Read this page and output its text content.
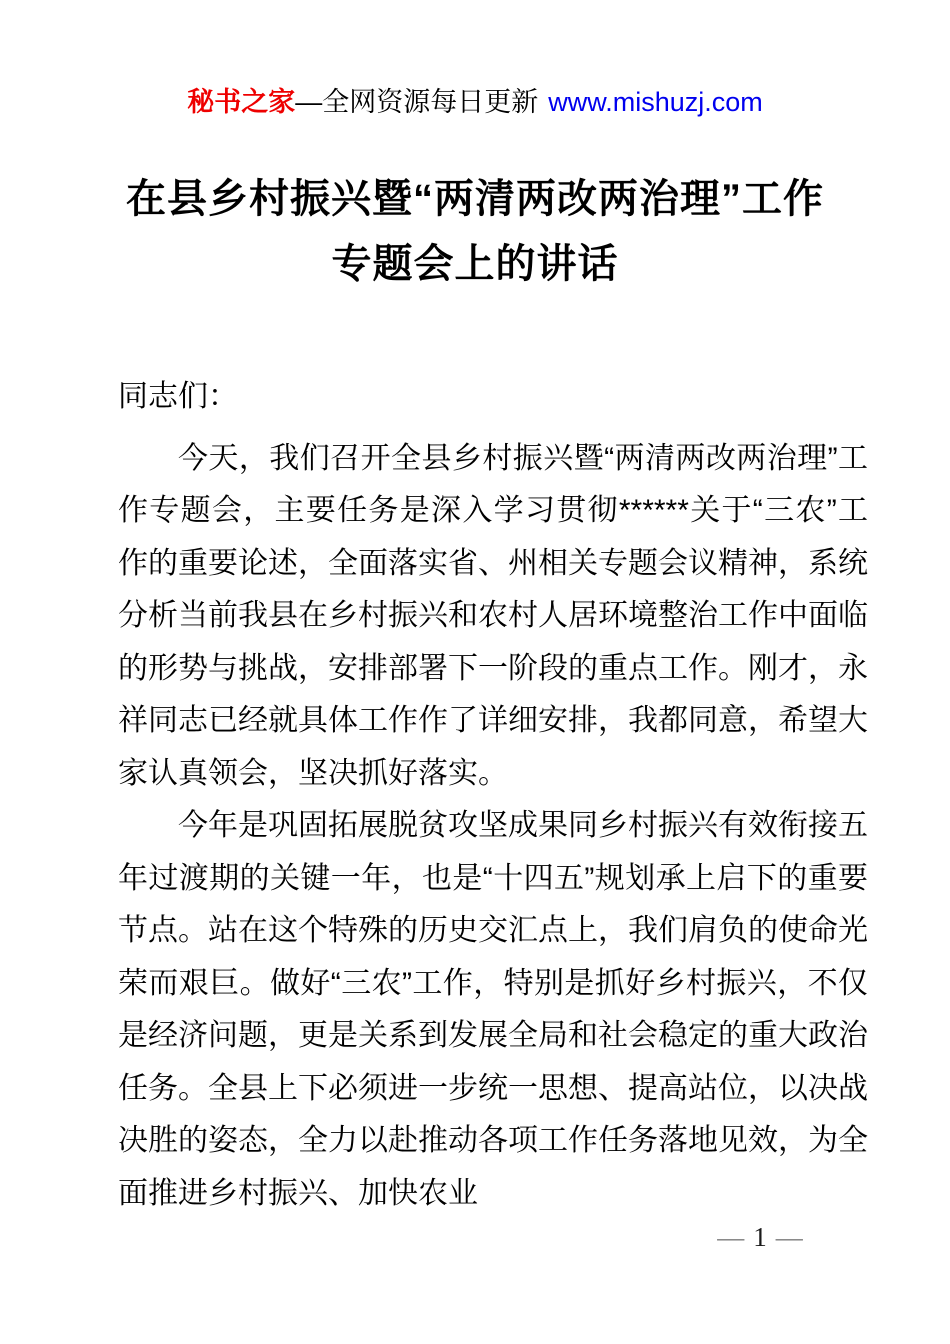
秘书之家—全网资源每日更新 www.mishuzj.com
在县乡村振兴暨“两清两改两治理”工作
专题会上的讲话

同志们：

今天，我们召开全县乡村振兴暨“两清两改两治理”工作专题会，主要任务是深入学习贯彻******关于“三农”工作的重要论述，全面落实省、州相关专题会议精神，系统分析当前我县在乡村振兴和农村人居环境整治工作中面临的形势与挑战，安排部署下一阶段的重点工作。刚才，永祥同志已经就具体工作作了详细安排，我都同意，希望大家认真领会，坚决抓好落实。

今年是巩固拓展脱贫攻坚成果同乡村振兴有效衔接五年过渡期的关键一年，也是“十四五”规划承上启下的重要节点。站在这个特殊的历史交汇点上，我们肩负的使命光荣而艰巨。做好“三农”工作，特别是抓好乡村振兴，不仅是经济问题，更是关系到发展全局和社会稳定的重大政治任务。全县上下必须进一步统一思想、提高站位，以决战决胜的姿态，全力以赴推动各项工作任务落地见效，为全面推进乡村振兴、加快农业

— 1 —
